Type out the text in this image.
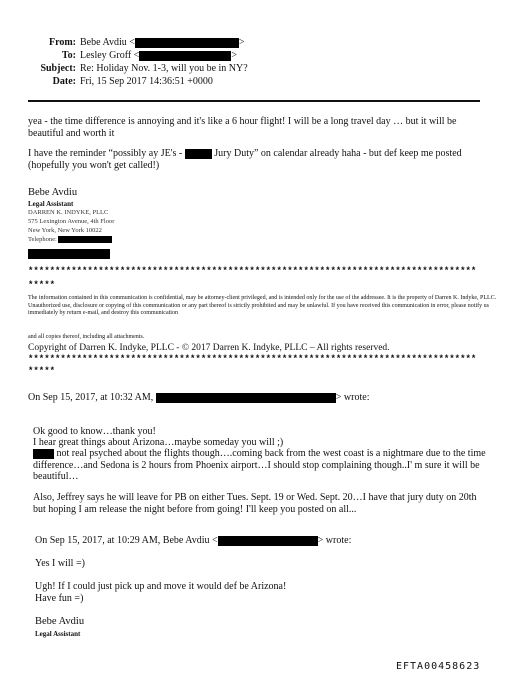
From: Bebe Avdiu <	>
To: Lesley Groff <	>
Subject: Re: Holiday Nov. 1-3, will you be in NY?
Date: Fri, 15 Sep 2017 14:36:51 +0000
yea - the time difference is annoying and it's like a 6 hour flight! I will be a long travel day … but it will be beautiful and worth it
I have the reminder “possibly ay JE's -	Jury Duty” on calendar already haha - but def keep me posted (hopefully you won't get called!)
Bebe Avdiu
Legal Assistant
DARREN K. INDYKE, PLLC
575 Lexington Avenue, 4th Floor
New York, New York 10022
Telephone:
***********************************************************************************
*****
The information contained in this communication is confidential, may be attorney-client privileged, and is intended only for the use of the addressee. It is the property of Darren K. Indyke, PLLC. Unauthorized use, disclosure or copying of this communication or any part thereof is strictly prohibited and may be unlawful. If you have received this communication in error, please notify us immediately by return e-mail, and destroy this communication
and all copies thereof, including all attachments.
Copyright of Darren K. Indyke, PLLC - © 2017 Darren K. Indyke, PLLC – All rights reserved.
***********************************************************************************
*****
On Sep 15, 2017, at 10:32 AM,	> wrote:
Ok good to know…thank you!
I hear great things about Arizona…maybe someday you will ;)
not real psyched about the flights though….coming back from the west coast is a nightmare due to the time difference…and Sedona is 2 hours from Phoenix airport…I should stop complaining though..I' m sure it will be beautiful…
Also, Jeffrey says he will leave for PB on either Tues. Sept. 19 or Wed. Sept. 20…I have that jury duty on 20th but hoping I am release the night before from going! I'll keep you posted on all...
On Sep 15, 2017, at 10:29 AM, Bebe Avdiu <	> wrote:
Yes I will =)
Ugh! If I could just pick up and move it would def be Arizona!
Have fun =)
Bebe Avdiu
Legal Assistant
EFTA00458623
